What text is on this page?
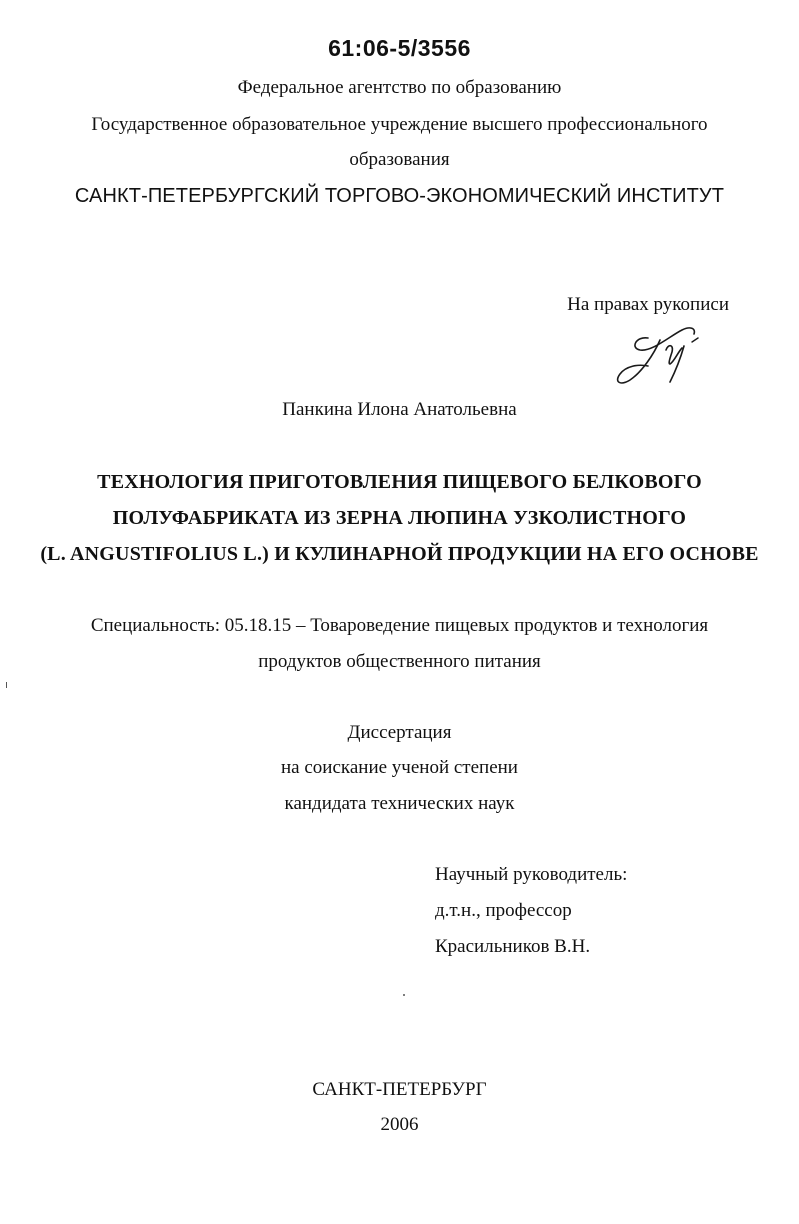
61:06-5/3556
Федеральное агентство по образованию
Государственное образовательное учреждение высшего профессионального
образования
САНКТ-ПЕТЕРБУРГСКИЙ ТОРГОВО-ЭКОНОМИЧЕСКИЙ ИНСТИТУТ
На правах рукописи
Панкина Илона Анатольевна
ТЕХНОЛОГИЯ ПРИГОТОВЛЕНИЯ ПИЩЕВОГО БЕЛКОВОГО
ПОЛУФАБРИКАТА ИЗ ЗЕРНА ЛЮПИНА УЗКОЛИСТНОГО
(L. ANGUSTIFOLIUS L.) И КУЛИНАРНОЙ ПРОДУКЦИИ НА ЕГО ОСНОВЕ
Специальность: 05.18.15 – Товароведение пищевых продуктов и технология
продуктов общественного питания
Диссертация
на соискание ученой степени
кандидата технических наук
Научный руководитель:
д.т.н., профессор
Красильников В.Н.
САНКТ-ПЕТЕРБУРГ
2006
